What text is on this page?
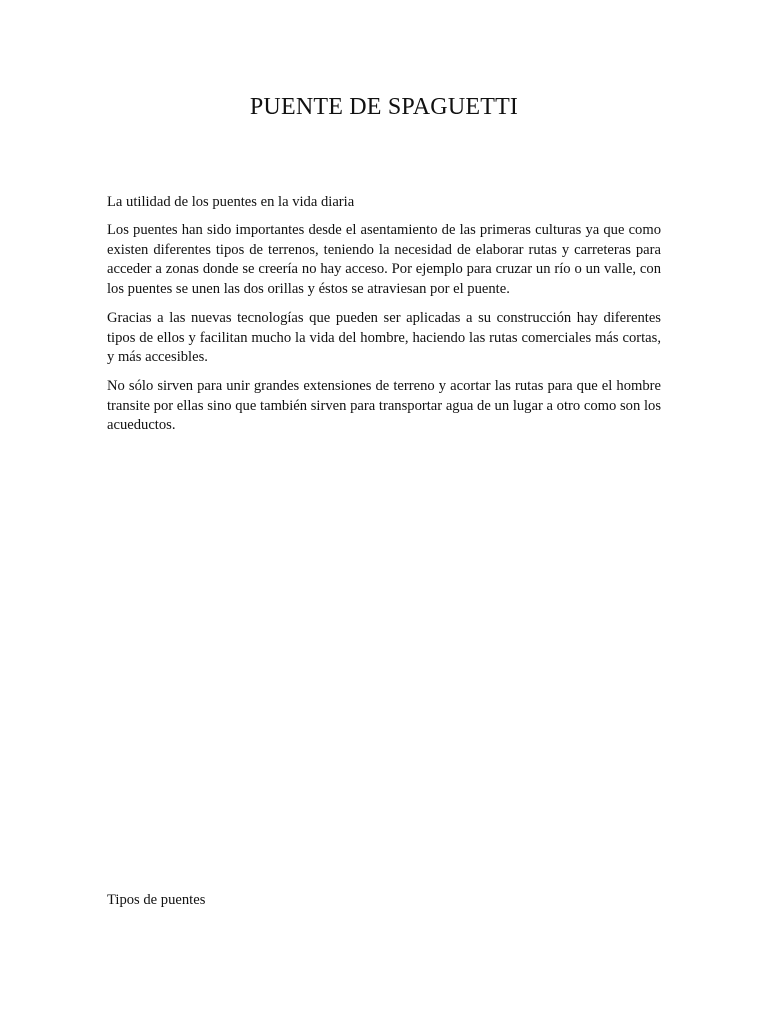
PUENTE DE SPAGUETTI
La utilidad de los puentes en la vida diaria

Los puentes han sido importantes desde el asentamiento de las primeras culturas ya que como existen diferentes tipos de terrenos, teniendo la necesidad de elaborar rutas y carreteras para acceder a zonas donde se creería no hay acceso. Por ejemplo para cruzar un río o un valle, con los puentes se unen las dos orillas y éstos se atraviesan por el puente.

Gracias a las nuevas tecnologías que pueden ser aplicadas a su construcción hay diferentes tipos de ellos y facilitan mucho la vida del hombre, haciendo las rutas comerciales más cortas, y más accesibles.

No sólo sirven para unir grandes extensiones de terreno y acortar las rutas para que el hombre transite por ellas sino que también sirven para transportar agua de un lugar a otro como son los acueductos.

Tipos de puentes
